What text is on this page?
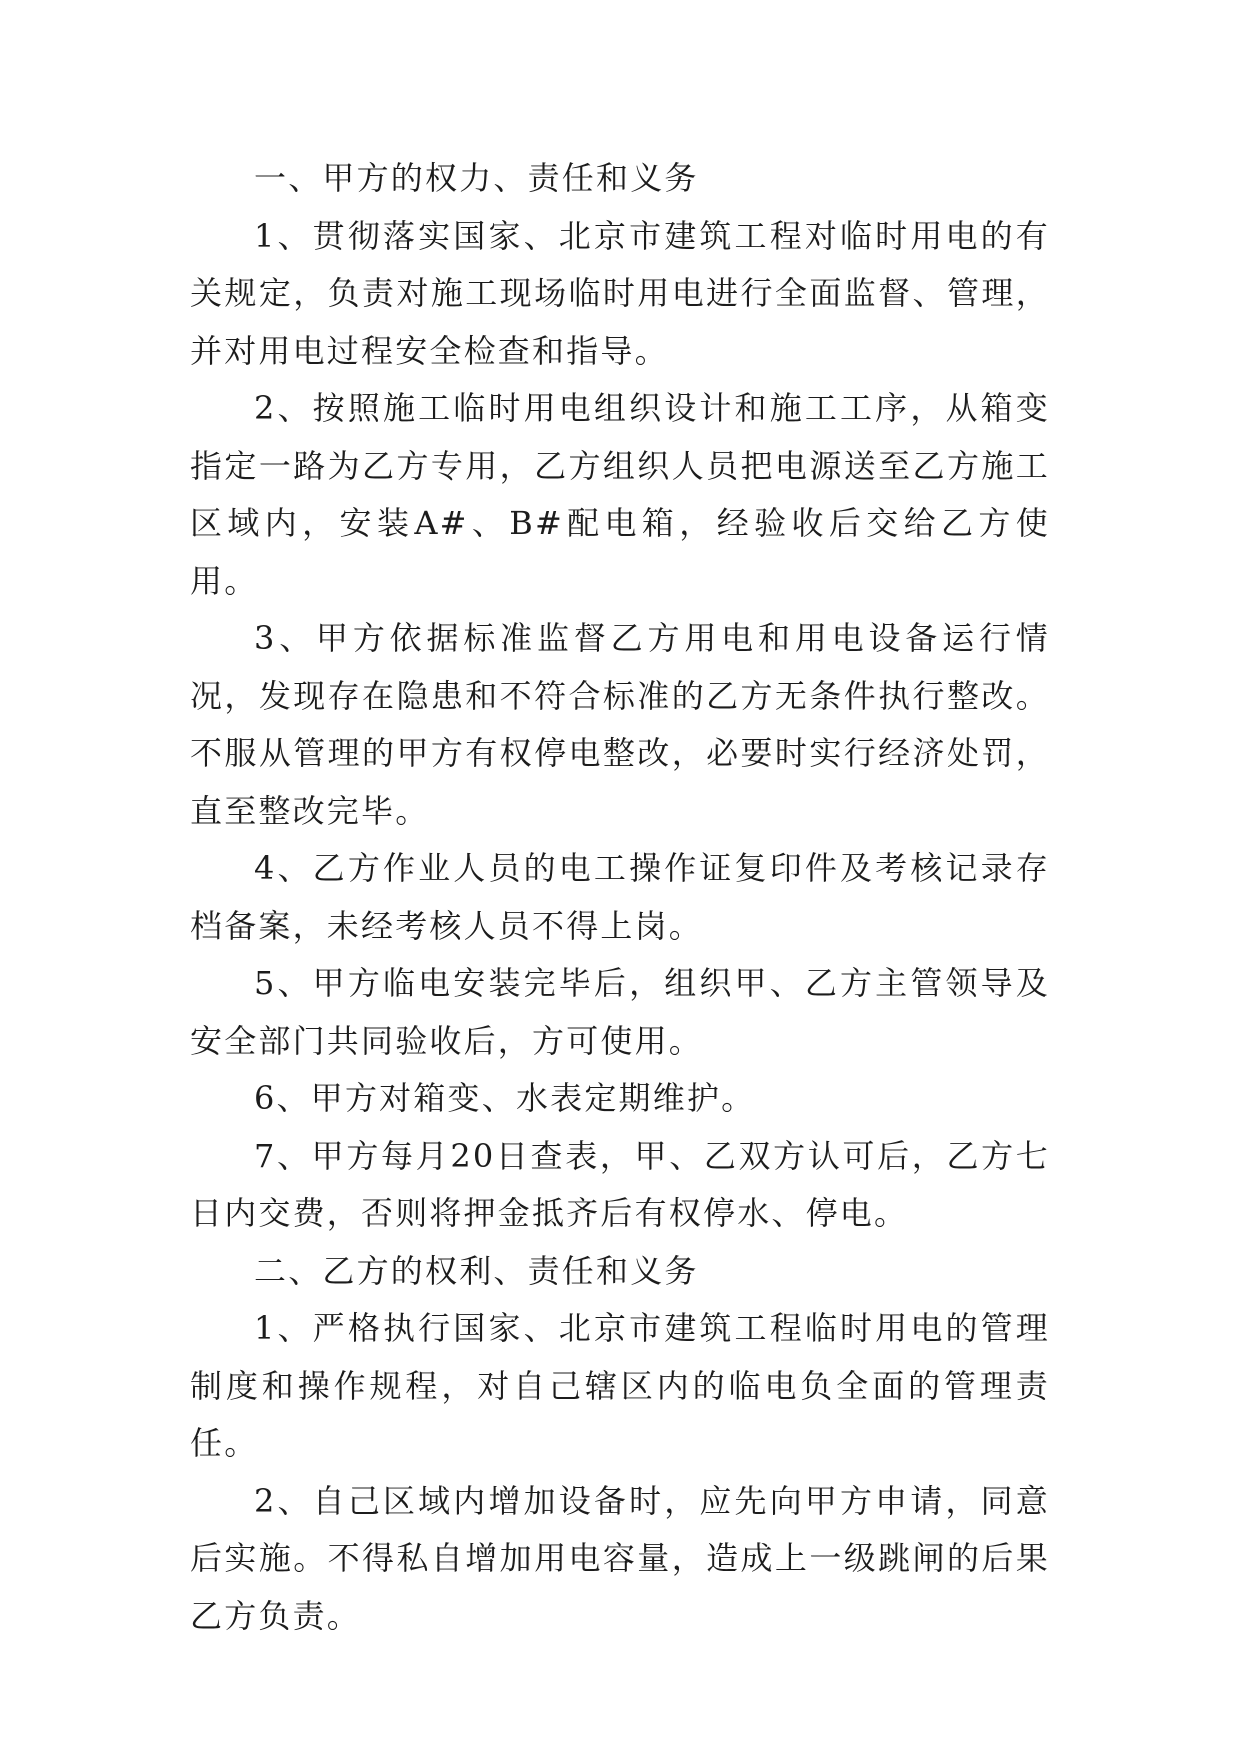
一、甲方的权力、责任和义务

1、贯彻落实国家、北京市建筑工程对临时用电的有关规定，负责对施工现场临时用电进行全面监督、管理，并对用电过程安全检查和指导。

2、按照施工临时用电组织设计和施工工序，从箱变指定一路为乙方专用，乙方组织人员把电源送至乙方施工区域内，安装A#、B#配电箱，经验收后交给乙方使用。

3、甲方依据标准监督乙方用电和用电设备运行情况，发现存在隐患和不符合标准的乙方无条件执行整改。不服从管理的甲方有权停电整改，必要时实行经济处罚，直至整改完毕。

4、乙方作业人员的电工操作证复印件及考核记录存档备案，未经考核人员不得上岗。

5、甲方临电安装完毕后，组织甲、乙方主管领导及安全部门共同验收后，方可使用。

6、甲方对箱变、水表定期维护。

7、甲方每月20日查表，甲、乙双方认可后，乙方七日内交费，否则将押金抵齐后有权停水、停电。

二、乙方的权利、责任和义务

1、严格执行国家、北京市建筑工程临时用电的管理制度和操作规程，对自己辖区内的临电负全面的管理责任。

2、自己区域内增加设备时，应先向甲方申请，同意后实施。不得私自增加用电容量，造成上一级跳闸的后果乙方负责。
